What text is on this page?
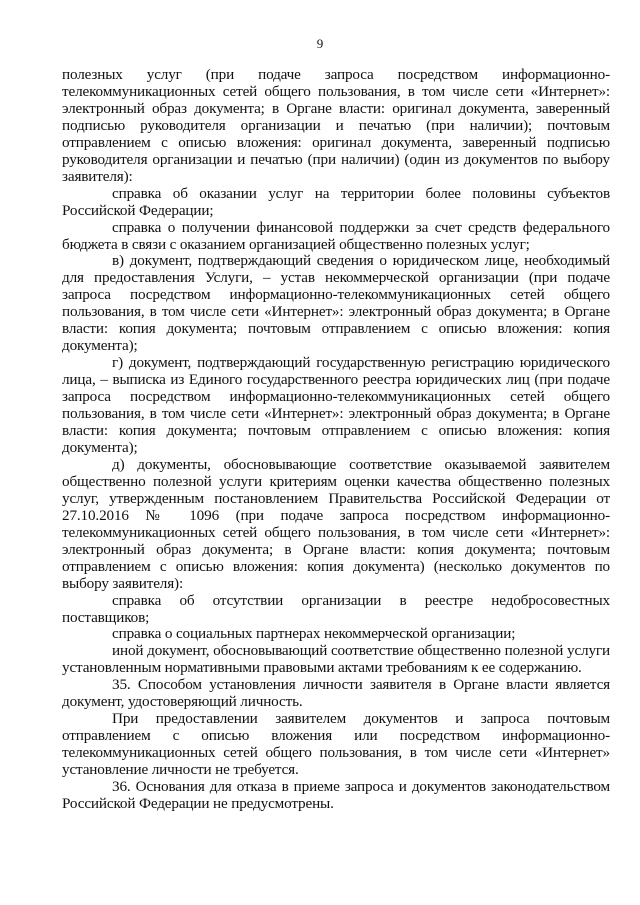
9

полезных услуг (при подаче запроса посредством информационно-телекоммуникационных сетей общего пользования, в том числе сети «Интернет»: электронный образ документа; в Органе власти: оригинал документа, заверенный подписью руководителя организации и печатью (при наличии); почтовым отправлением с описью вложения: оригинал документа, заверенный подписью руководителя организации и печатью (при наличии) (один из документов по выбору заявителя):

справка об оказании услуг на территории более половины субъектов Российской Федерации;

справка о получении финансовой поддержки за счет средств федерального бюджета в связи с оказанием организацией общественно полезных услуг;

в) документ, подтверждающий сведения о юридическом лице, необходимый для предоставления Услуги, – устав некоммерческой организации (при подаче запроса посредством информационно-телекоммуникационных сетей общего пользования, в том числе сети «Интернет»: электронный образ документа; в Органе власти: копия документа; почтовым отправлением с описью вложения: копия документа);

г) документ, подтверждающий государственную регистрацию юридического лица, – выписка из Единого государственного реестра юридических лиц (при подаче запроса посредством информационно-телекоммуникационных сетей общего пользования, в том числе сети «Интернет»: электронный образ документа; в Органе власти: копия документа; почтовым отправлением с описью вложения: копия документа);

д) документы, обосновывающие соответствие оказываемой заявителем общественно полезной услуги критериям оценки качества общественно полезных услуг, утвержденным постановлением Правительства Российской Федерации от 27.10.2016 № 1096 (при подаче запроса посредством информационно-телекоммуникационных сетей общего пользования, в том числе сети «Интернет»: электронный образ документа; в Органе власти: копия документа; почтовым отправлением с описью вложения: копия документа) (несколько документов по выбору заявителя):

справка об отсутствии организации в реестре недобросовестных поставщиков;

справка о социальных партнерах некоммерческой организации;

иной документ, обосновывающий соответствие общественно полезной услуги установленным нормативными правовыми актами требованиям к ее содержанию.

35. Способом установления личности заявителя в Органе власти является документ, удостоверяющий личность.

При предоставлении заявителем документов и запроса почтовым отправлением с описью вложения или посредством информационно-телекоммуникационных сетей общего пользования, в том числе сети «Интернет» установление личности не требуется.

36. Основания для отказа в приеме запроса и документов законодательством Российской Федерации не предусмотрены.
